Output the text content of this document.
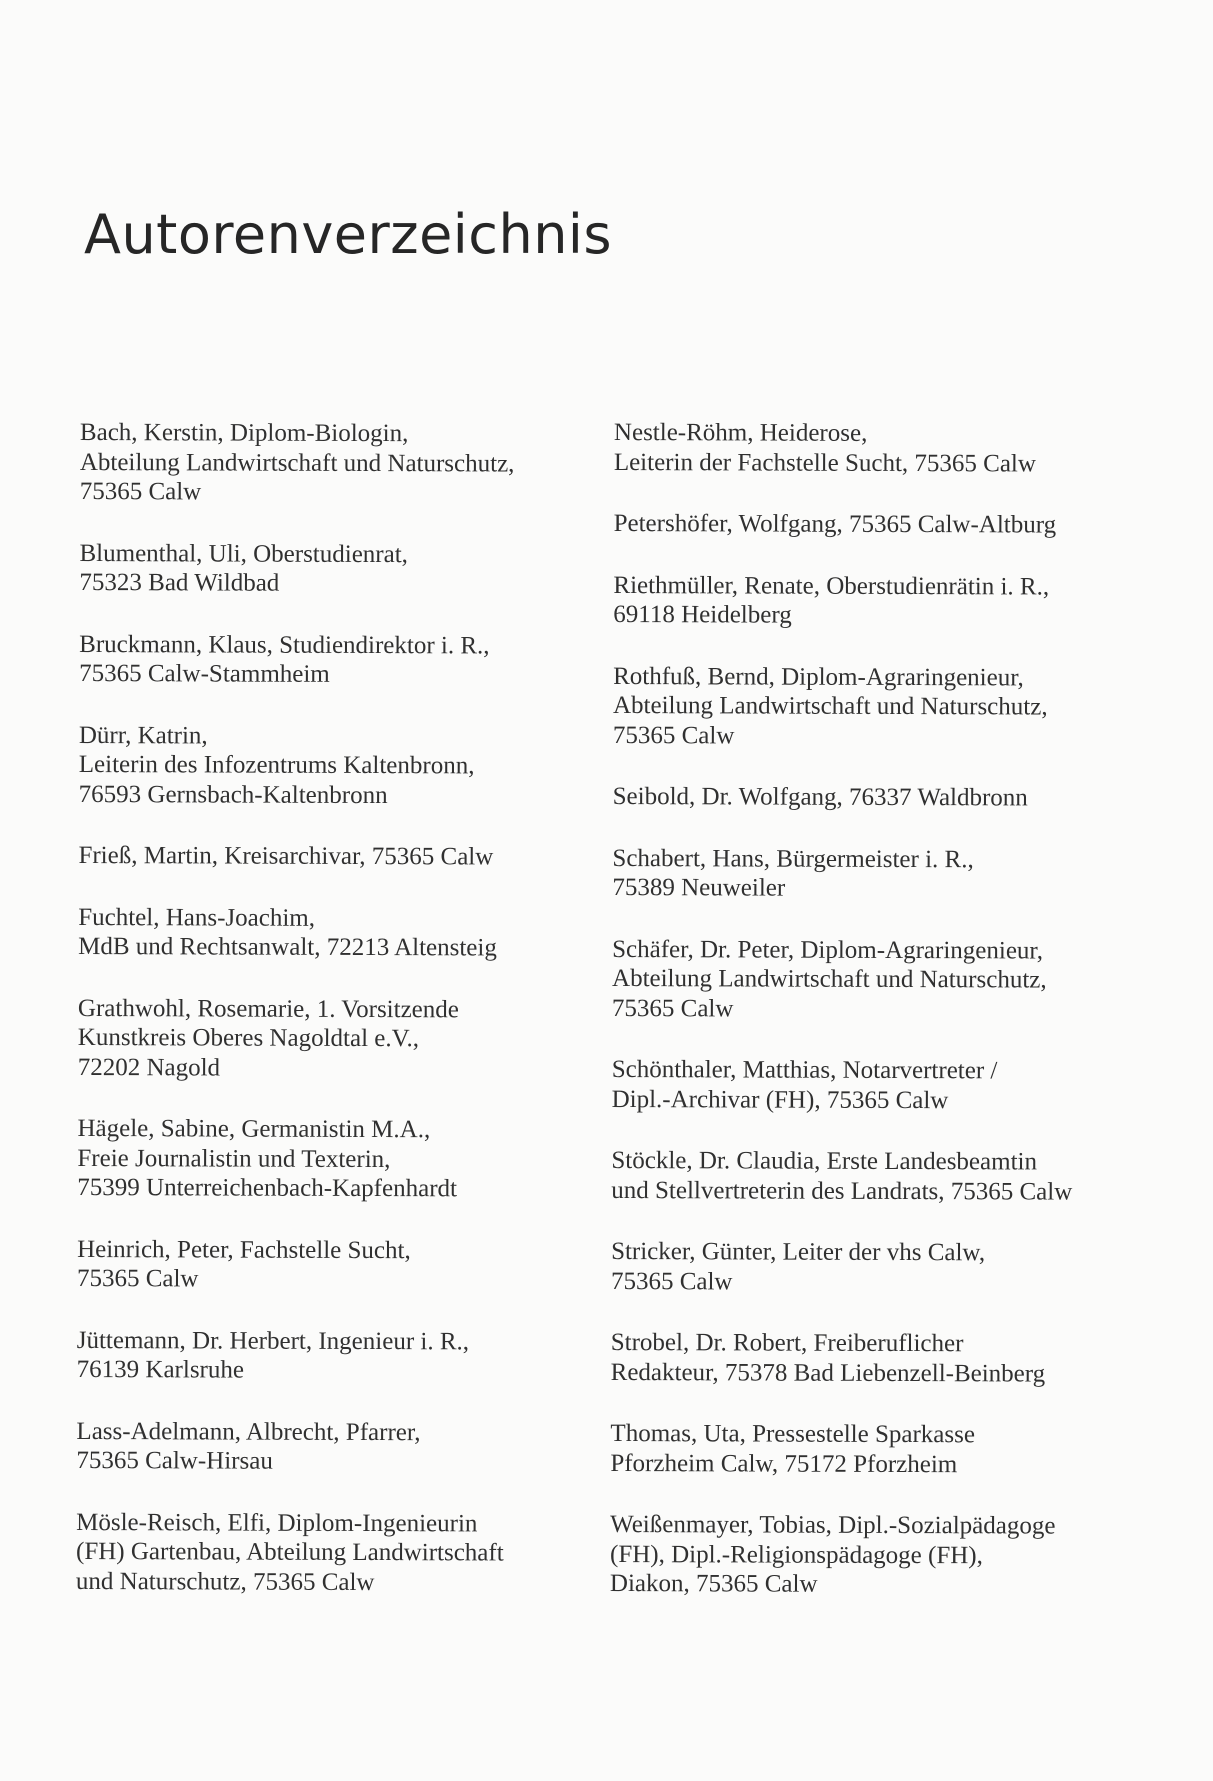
Autorenverzeichnis
Bach, Kerstin, Diplom-Biologin,
Abteilung Landwirtschaft und Naturschutz,
75365 Calw
Blumenthal, Uli, Oberstudienrat,
75323 Bad Wildbad
Bruckmann, Klaus, Studiendirektor i. R.,
75365 Calw-Stammheim
Dürr, Katrin,
Leiterin des Infozentrums Kaltenbronn,
76593 Gernsbach-Kaltenbronn
Frieß, Martin, Kreisarchivar, 75365 Calw
Fuchtel, Hans-Joachim,
MdB und Rechtsanwalt, 72213 Altensteig
Grathwohl, Rosemarie, 1. Vorsitzende
Kunstkreis Oberes Nagoldtal e.V.,
72202 Nagold
Hägele, Sabine, Germanistin M.A.,
Freie Journalistin und Texterin,
75399 Unterreichenbach-Kapfenhardt
Heinrich, Peter, Fachstelle Sucht,
75365 Calw
Jüttemann, Dr. Herbert, Ingenieur i. R.,
76139 Karlsruhe
Lass-Adelmann, Albrecht, Pfarrer,
75365 Calw-Hirsau
Mösle-Reisch, Elfi, Diplom-Ingenieurin
(FH) Gartenbau, Abteilung Landwirtschaft
und Naturschutz, 75365 Calw
Nestle-Röhm, Heiderose,
Leiterin der Fachstelle Sucht, 75365 Calw
Petershöfer, Wolfgang, 75365 Calw-Altburg
Riethmüller, Renate, Oberstudienrätin i. R.,
69118 Heidelberg
Rothfuß, Bernd, Diplom-Agraringenieur,
Abteilung Landwirtschaft und Naturschutz,
75365 Calw
Seibold, Dr. Wolfgang, 76337 Waldbronn
Schabert, Hans, Bürgermeister i. R.,
75389 Neuweiler
Schäfer, Dr. Peter, Diplom-Agraringenieur,
Abteilung Landwirtschaft und Naturschutz,
75365 Calw
Schönthaler, Matthias, Notarvertreter /
Dipl.-Archivar (FH), 75365 Calw
Stöckle, Dr. Claudia, Erste Landesbeamtin
und Stellvertreterin des Landrats, 75365 Calw
Stricker, Günter, Leiter der vhs Calw,
75365 Calw
Strobel, Dr. Robert, Freiberuflicher
Redakteur, 75378 Bad Liebenzell-Beinberg
Thomas, Uta, Pressestelle Sparkasse
Pforzheim Calw, 75172 Pforzheim
Weißenmayer, Tobias, Dipl.-Sozialpädagoge
(FH), Dipl.-Religionspädagoge (FH),
Diakon, 75365 Calw
